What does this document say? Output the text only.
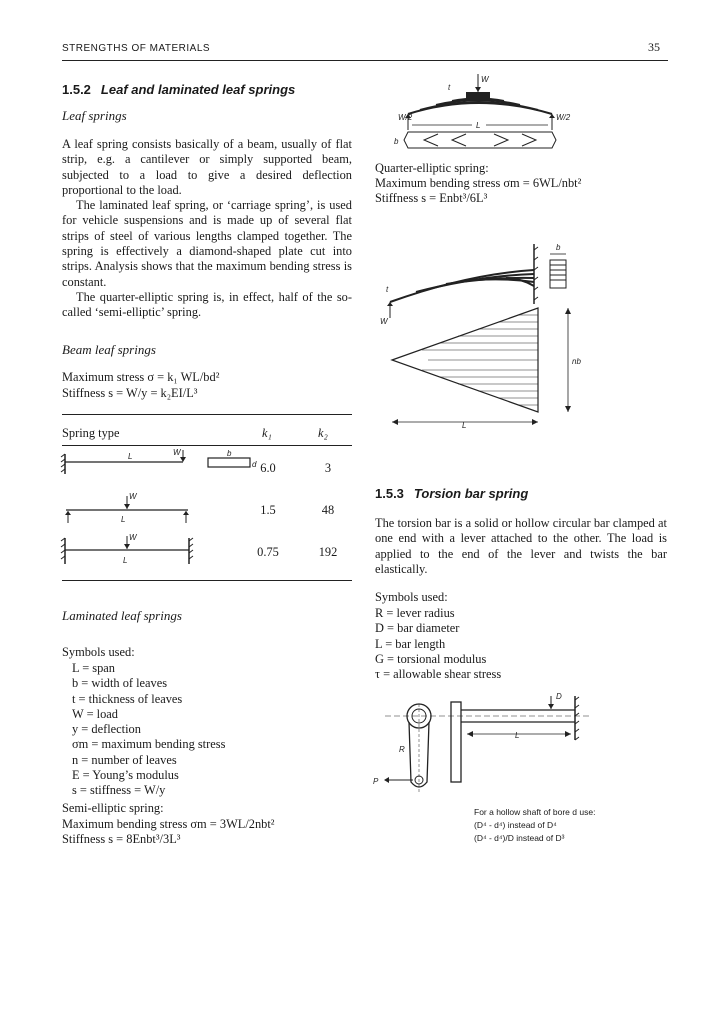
STRENGTHS OF MATERIALS	35
1.5.2 Leaf and laminated leaf springs
Leaf springs

A leaf spring consists basically of a beam, usually of flat strip, e.g. a cantilever or simply supported beam, subjected to a load to give a desired deflection proportional to the load.

The laminated leaf spring, or ‘carriage spring’, is used for vehicle suspensions and is made up of several flat strips of steel of various lengths clamped together. The spring is effectively a diamond-shaped plate cut into strips. Analysis shows that the maximum bending stress is constant.

The quarter-elliptic spring is, in effect, half of the so-called ‘semi-elliptic’ spring.

Beam leaf springs
Maximum stress σ = k₁ WL/bd²
Stiffness s = W/y = k₂EI/L³
Spring type	k₁	k₂
6.0	3
1.5	48
0.75	192
W
L	b
d
W
L
W
L
Laminated leaf springs
Symbols used:
L = span
b = width of leaves
t = thickness of leaves
W = load
y = deflection
σm = maximum bending stress
n = number of leaves
E = Young’s modulus
s = stiffness = W/y
Semi-elliptic spring:
Maximum bending stress σm = 3WL/2nbt²
Stiffness s = 8Enbt³/3L³
W
t
W/2	W/2
L
b
Quarter-elliptic spring:
Maximum bending stress σm = 6WL/nbt²
Stiffness s = Enbt³/6L³
W
t
b
nb
L
1.5.3 Torsion bar spring

The torsion bar is a solid or hollow circular bar clamped at one end with a lever attached to the other. The load is applied to the end of the lever and twists the bar elastically.

Symbols used:
R = lever radius
D = bar diameter
L = bar length
G = torsional modulus
τ = allowable shear stress
P
R
D
L
For a hollow shaft of bore d use:
(D⁴ - d⁴) instead of D⁴
(D⁴ - d⁴)/D instead of D³
